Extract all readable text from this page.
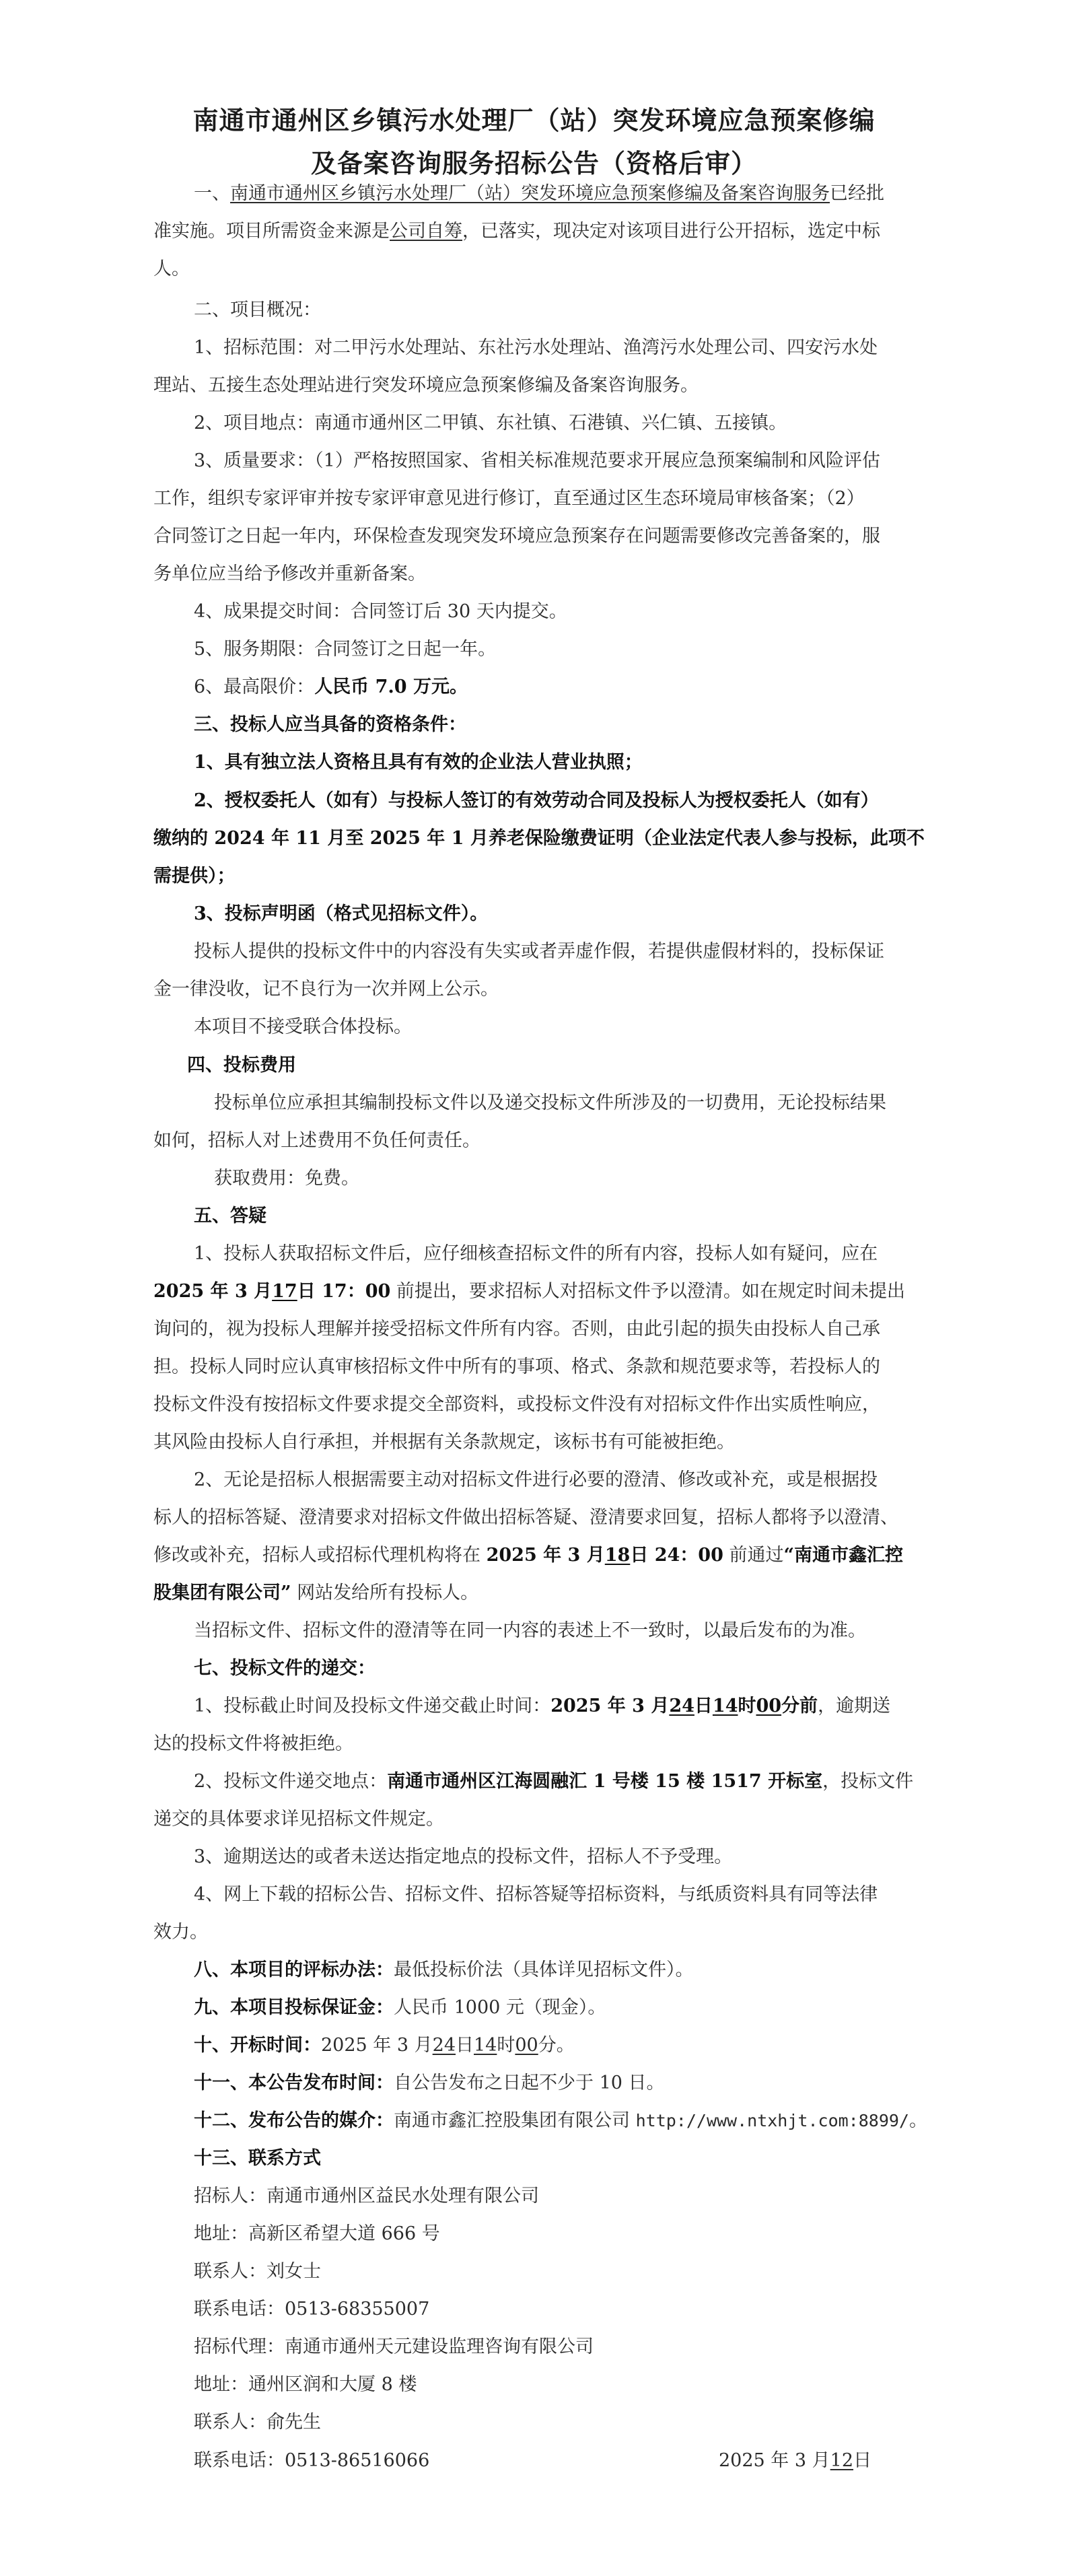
南通市通州区乡镇污水处理厂（站）突发环境应急预案修编
及备案咨询服务招标公告（资格后审）
一、南通市通州区乡镇污水处理厂（站）突发环境应急预案修编及备案咨询服务已经批
准实施。项目所需资金来源是公司自筹，已落实，现决定对该项目进行公开招标，选定中标
人。
二、项目概况：
1、招标范围：对二甲污水处理站、东社污水处理站、渔湾污水处理公司、四安污水处
理站、五接生态处理站进行突发环境应急预案修编及备案咨询服务。
2、项目地点：南通市通州区二甲镇、东社镇、石港镇、兴仁镇、五接镇。
3、质量要求：（1）严格按照国家、省相关标准规范要求开展应急预案编制和风险评估
工作，组织专家评审并按专家评审意见进行修订，直至通过区生态环境局审核备案；（2）
合同签订之日起一年内，环保检查发现突发环境应急预案存在问题需要修改完善备案的，服
务单位应当给予修改并重新备案。
4、成果提交时间：合同签订后 30 天内提交。
5、服务期限：合同签订之日起一年。
6、最高限价：人民币 7.0 万元。
三、投标人应当具备的资格条件：
1、具有独立法人资格且具有有效的企业法人营业执照；
2、授权委托人（如有）与投标人签订的有效劳动合同及投标人为授权委托人（如有）
缴纳的 2024 年 11 月至 2025 年 1 月养老保险缴费证明（企业法定代表人参与投标，此项不
需提供）；
3、投标声明函（格式见招标文件）。
投标人提供的投标文件中的内容没有失实或者弄虚作假，若提供虚假材料的，投标保证
金一律没收，记不良行为一次并网上公示。
本项目不接受联合体投标。
四、投标费用
投标单位应承担其编制投标文件以及递交投标文件所涉及的一切费用，无论投标结果
如何，招标人对上述费用不负任何责任。
获取费用：免费。
五、答疑
1、投标人获取招标文件后，应仔细核查招标文件的所有内容，投标人如有疑问，应在
2025 年 3 月17日 17：00 前提出，要求招标人对招标文件予以澄清。如在规定时间未提出
询问的，视为投标人理解并接受招标文件所有内容。否则，由此引起的损失由投标人自己承
担。投标人同时应认真审核招标文件中所有的事项、格式、条款和规范要求等，若投标人的
投标文件没有按招标文件要求提交全部资料，或投标文件没有对招标文件作出实质性响应，
其风险由投标人自行承担，并根据有关条款规定，该标书有可能被拒绝。
2、无论是招标人根据需要主动对招标文件进行必要的澄清、修改或补充，或是根据投
标人的招标答疑、澄清要求对招标文件做出招标答疑、澄清要求回复，招标人都将予以澄清、
修改或补充，招标人或招标代理机构将在 2025 年 3 月18日 24：00 前通过“南通市鑫汇控
股集团有限公司” 网站发给所有投标人。
当招标文件、招标文件的澄清等在同一内容的表述上不一致时，以最后发布的为准。
七、投标文件的递交：
1、投标截止时间及投标文件递交截止时间：2025 年 3 月24日14时00分前，逾期送
达的投标文件将被拒绝。
2、投标文件递交地点：南通市通州区江海圆融汇 1 号楼 15 楼 1517 开标室，投标文件
递交的具体要求详见招标文件规定。
3、逾期送达的或者未送达指定地点的投标文件，招标人不予受理。
4、网上下载的招标公告、招标文件、招标答疑等招标资料，与纸质资料具有同等法律
效力。
八、本项目的评标办法：最低投标价法（具体详见招标文件）。
九、本项目投标保证金：人民币 1000 元（现金）。
十、开标时间：2025 年 3 月24日14时00分。
十一、本公告发布时间：自公告发布之日起不少于 10 日。
十二、发布公告的媒介：南通市鑫汇控股集团有限公司 http://www.ntxhjt.com:8899/。
十三、联系方式
招标人：南通市通州区益民水处理有限公司
地址：高新区希望大道 666 号
联系人：刘女士
联系电话：0513-68355007
招标代理：南通市通州天元建设监理咨询有限公司
地址：通州区润和大厦 8 楼
联系人：俞先生
联系电话：0513-86516066	2025 年 3 月12日
